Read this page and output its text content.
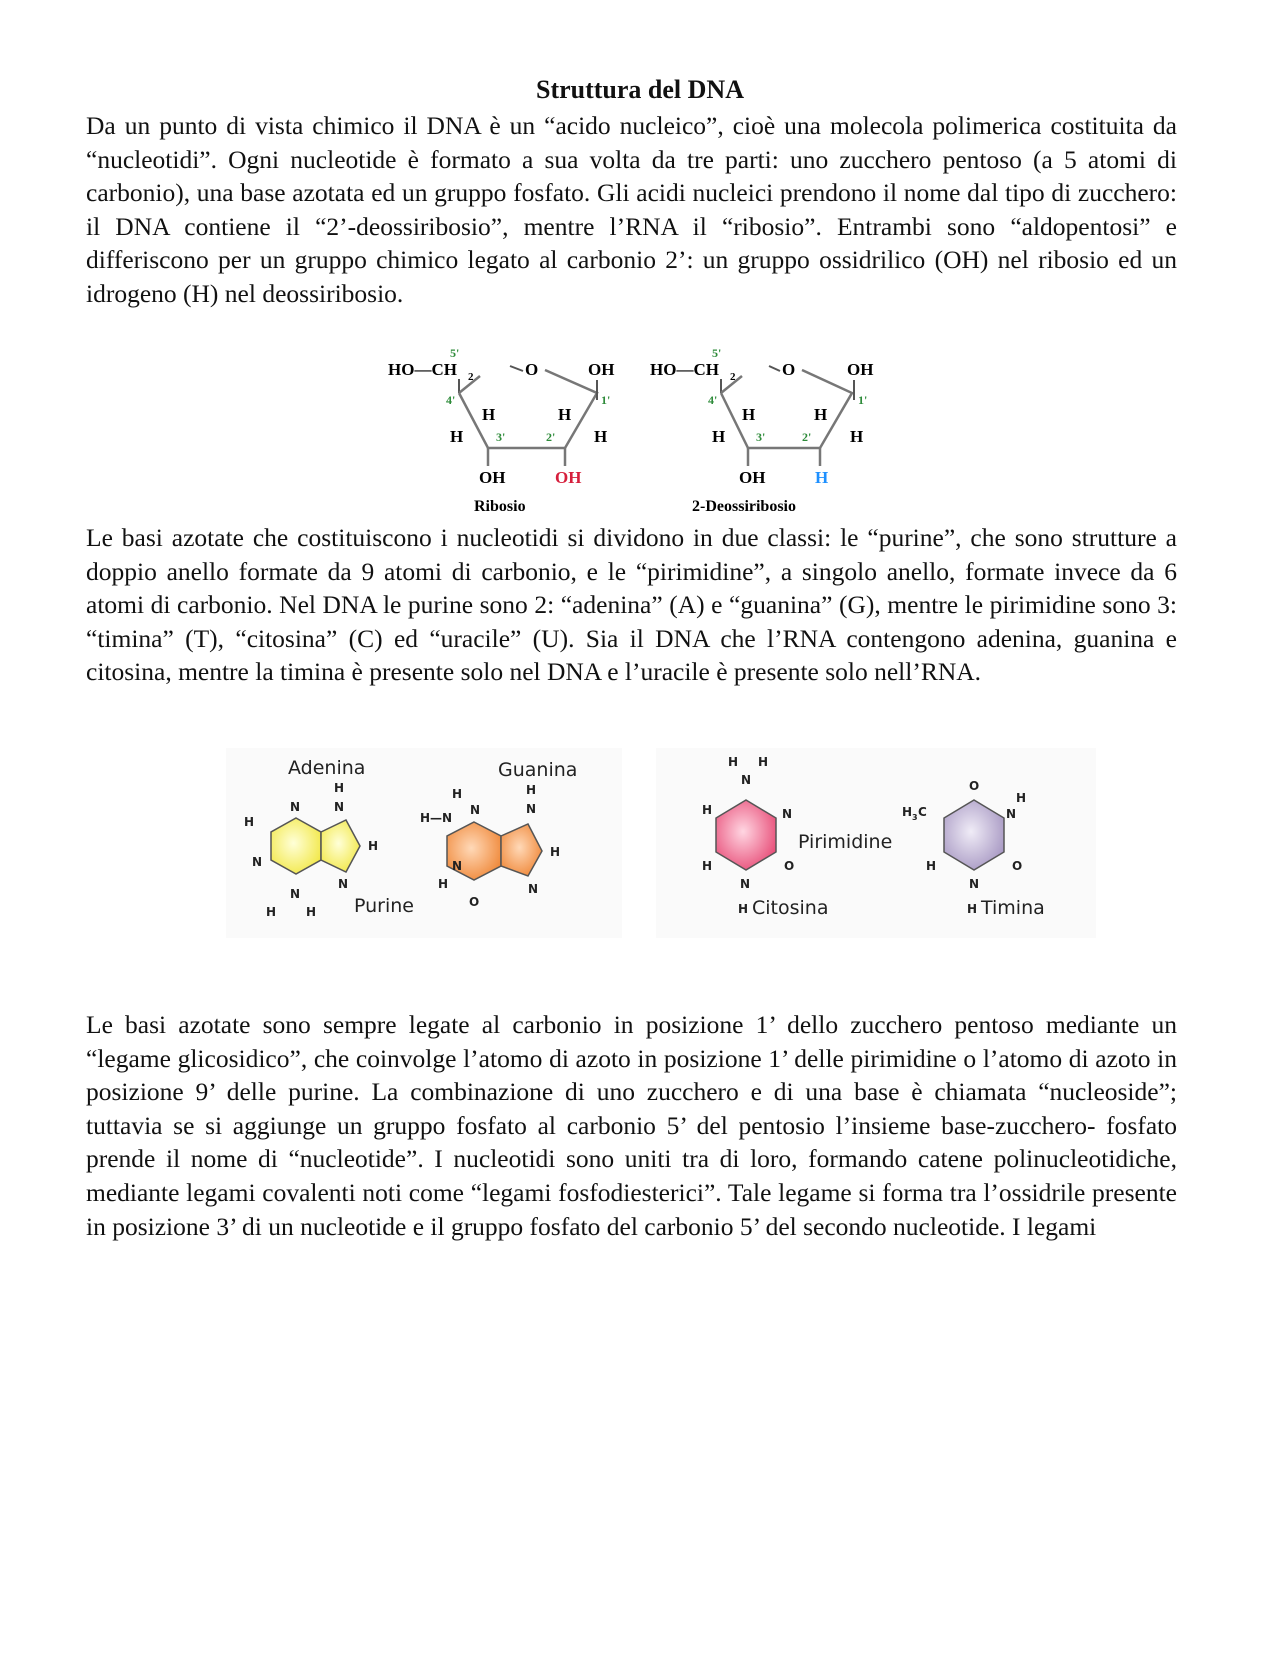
Struttura del DNA

Da un punto di vista chimico il DNA è un “acido nucleico”, cioè una molecola polimerica costituita da “nucleotidi”. Ogni nucleotide è formato a sua volta da tre parti: uno zucchero pentoso (a 5 atomi di carbonio), una base azotata ed un gruppo fosfato. Gli acidi nucleici prendono il nome dal tipo di zucchero: il DNA contiene il “2’-deossiribosio”, mentre l’RNA il “ribosio”. Entrambi sono “aldopentosi” e differiscono per un gruppo chimico legato al carbonio 2’: un gruppo ossidrilico (OH) nel ribosio ed un idrogeno (H) nel deossiribosio.

5'
HO—CH 2	O	OH
4'	1'
H	H
H	H
3'	2'
OH	OH
Ribosio
5'
HO—CH 2	O	OH
4'	1'
H	H
H	H
3'	2'
OH	H
2-Deossiribosio

Le basi azotate che costituiscono i nucleotidi si dividono in due classi: le “purine”, che sono strutture a doppio anello formate da 9 atomi di carbonio, e le “pirimidine”, a singolo anello, formate invece da 6 atomi di carbonio. Nel DNA le purine sono 2: “adenina” (A) e “guanina” (G), mentre le pirimidine sono 3: “timina” (T), “citosina” (C) ed “uracile” (U). Sia il DNA che l’RNA contengono adenina, guanina e citosina, mentre la timina è presente solo nel DNA e l’uracile è presente solo nell’RNA.

Adenina
H
N
N
H
N
H
N
N
H H Purine
Guanina
H
N
N
H
H—N
H
N
H	N
O
H H
N
H	N
H	O
N
H Citosina
Pirimidine
O
H
N
H 3 C
H	O
N
H Timina

Le basi azotate sono sempre legate al carbonio in posizione 1’ dello zucchero pentoso mediante un “legame glicosidico”, che coinvolge l’atomo di azoto in posizione 1’ delle pirimidine o l’atomo di azoto in posizione 9’ delle purine. La combinazione di uno zucchero e di una base è chiamata “nucleoside”; tuttavia se si aggiunge un gruppo fosfato al carbonio 5’ del pentosio l’insieme base-zucchero- fosfato prende il nome di “nucleotide”. I nucleotidi sono uniti tra di loro, formando catene polinucleotidiche, mediante legami covalenti noti come “legami fosfodiesterici”. Tale legame si forma tra l’ossidrile presente in posizione 3’ di un nucleotide e il gruppo fosfato del carbonio 5’ del secondo nucleotide. I legami
